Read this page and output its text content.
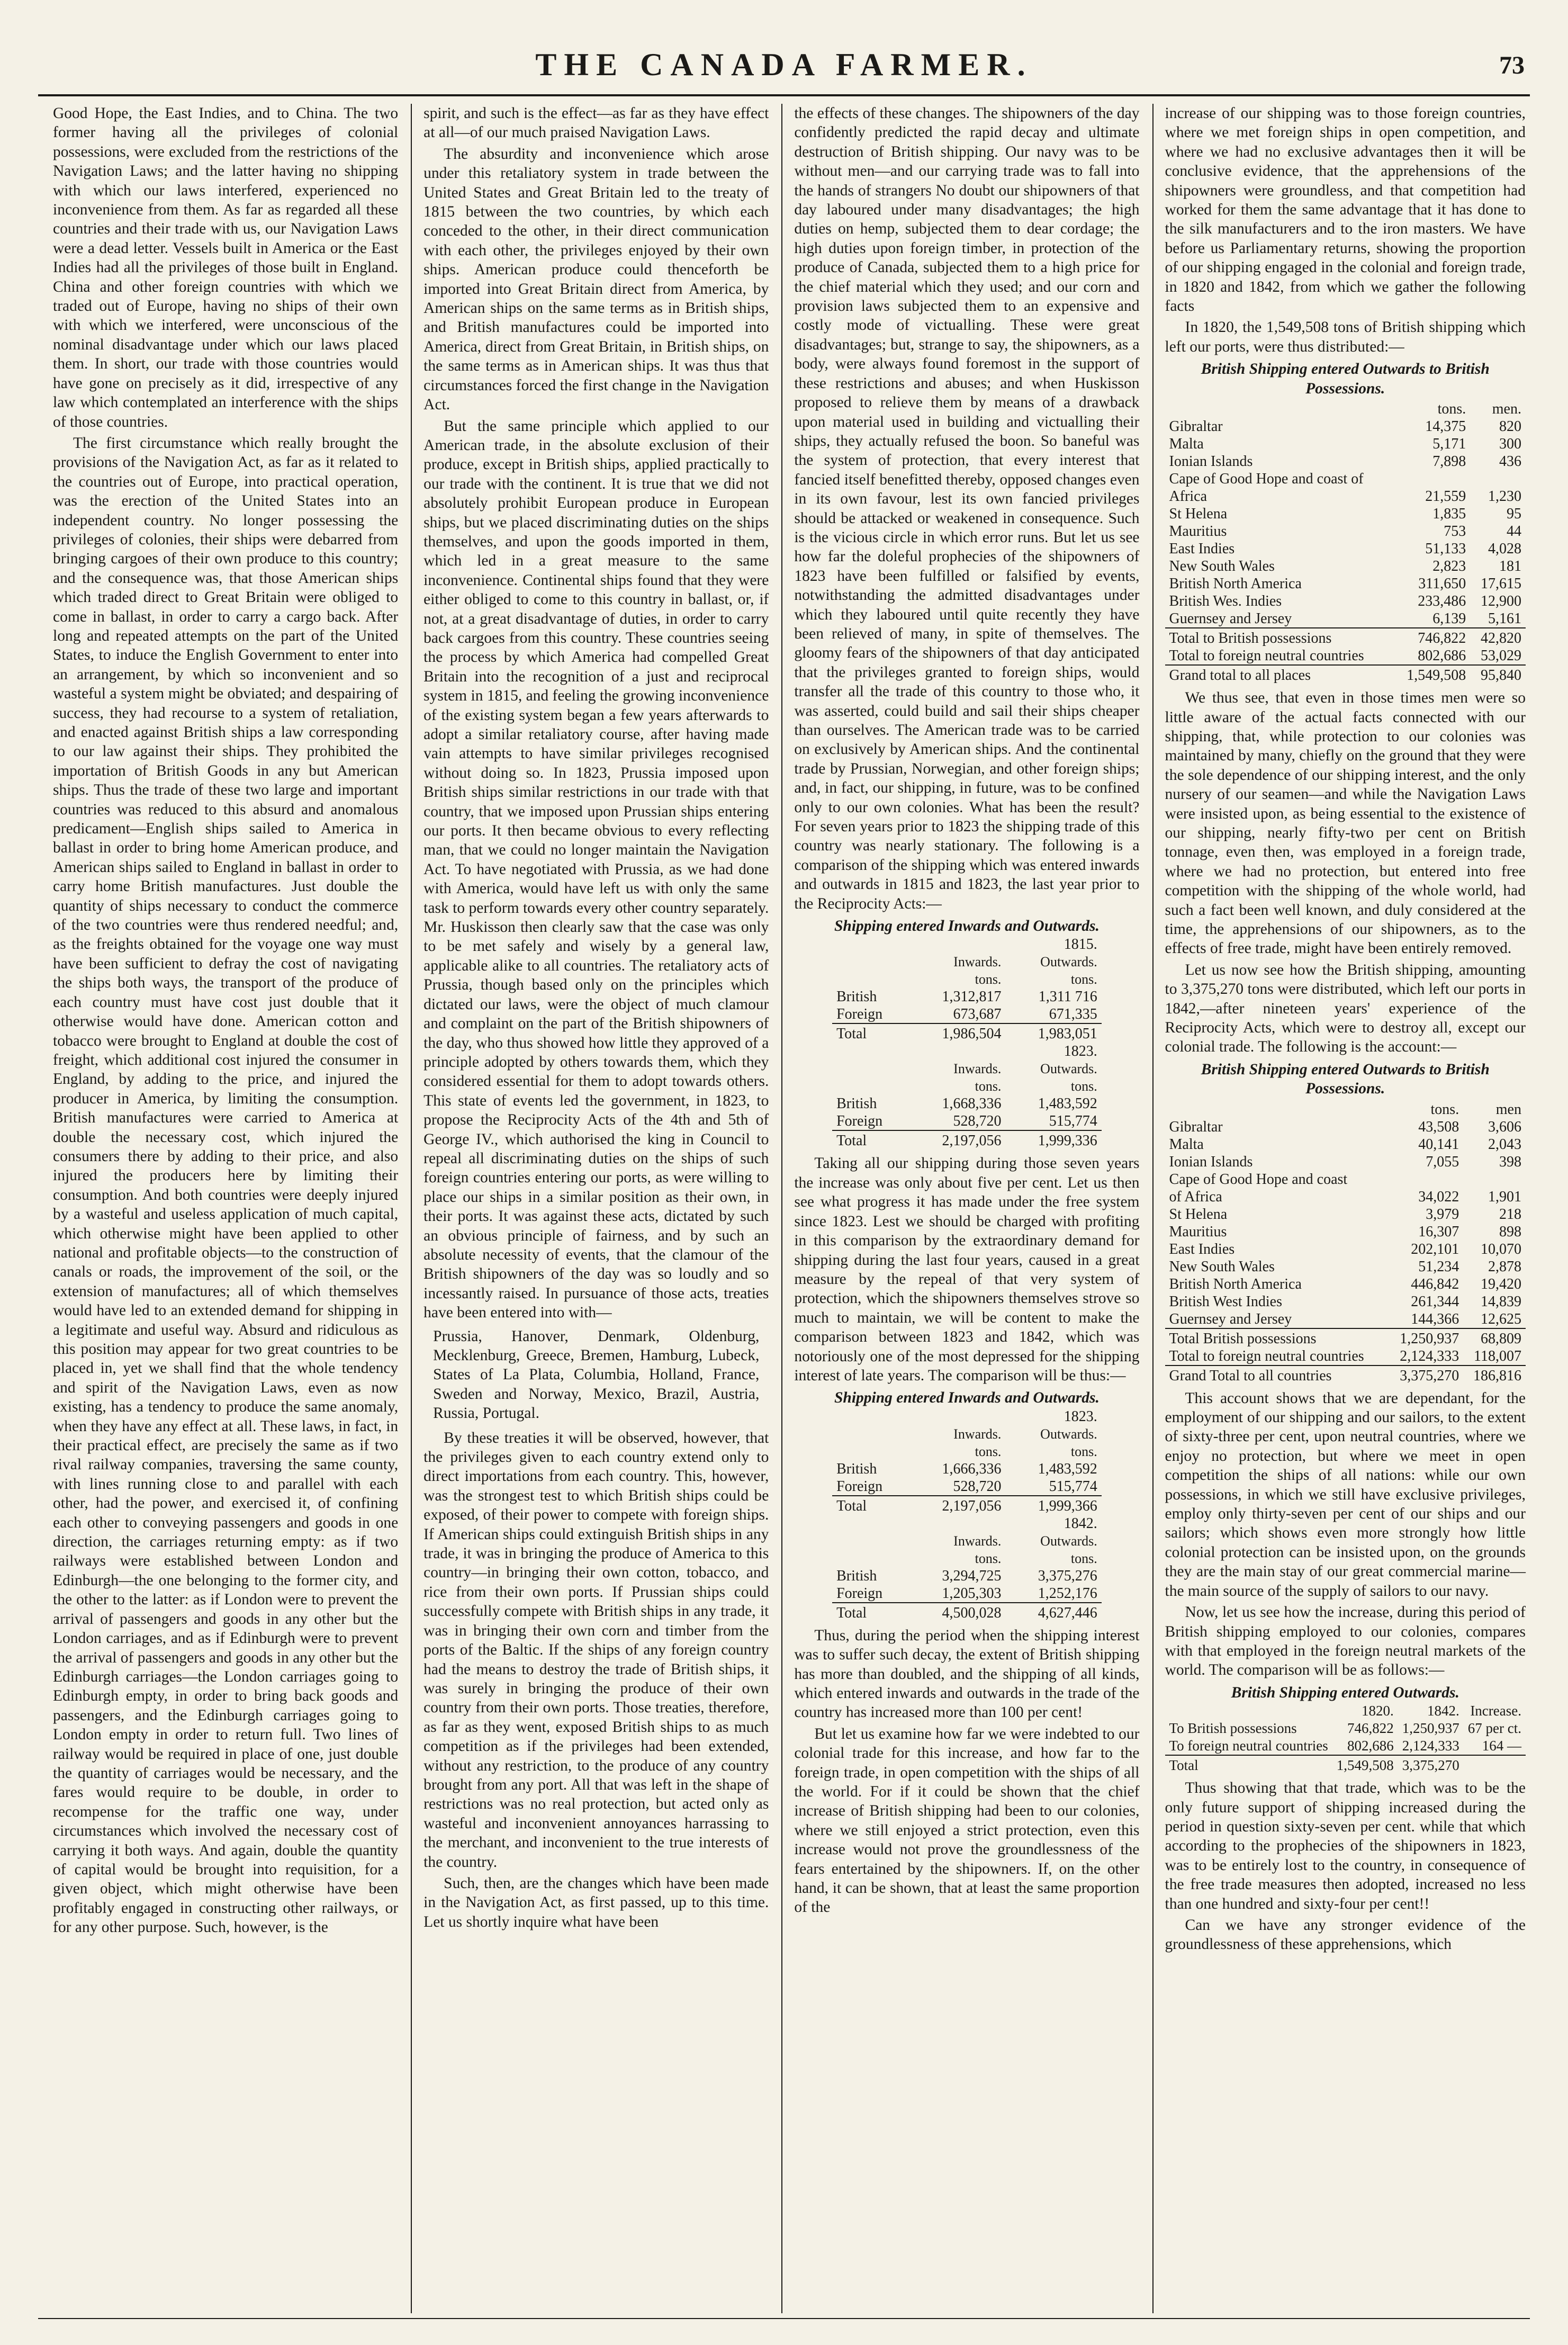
THE CANADA FARMER.	73

Good Hope, the East Indies, and to China. The two former having all the privileges of colonial possessions, were excluded from the restrictions of the Navigation Laws; and the latter having no shipping with which our laws interfered, experienced no inconvenience from them. As far as regarded all these countries and their trade with us, our Navigation Laws were a dead letter. Vessels built in America or the East Indies had all the privileges of those built in England. China and other foreign countries with which we traded out of Europe, having no ships of their own with which we interfered, were unconscious of the nominal disadvantage under which our laws placed them. In short, our trade with those countries would have gone on precisely as it did, irrespective of any law which contemplated an interference with the ships of those countries.

The first circumstance which really brought the provisions of the Navigation Act, as far as it related to the countries out of Europe, into practical operation, was the erection of the United States into an independent country. No longer possessing the privileges of colonies, their ships were debarred from bringing cargoes of their own produce to this country; and the consequence was, that those American ships which traded direct to Great Britain were obliged to come in ballast, in order to carry a cargo back. After long and repeated attempts on the part of the United States, to induce the English Government to enter into an arrangement, by which so inconvenient and so wasteful a system might be obviated; and despairing of success, they had recourse to a system of retaliation, and enacted against British ships a law corresponding to our law against their ships. They prohibited the importation of British Goods in any but American ships. Thus the trade of these two large and important countries was reduced to this absurd and anomalous predicament—English ships sailed to America in ballast in order to bring home American produce, and American ships sailed to England in ballast in order to carry home British manufactures. Just double the quantity of ships necessary to conduct the commerce of the two countries were thus rendered needful; and, as the freights obtained for the voyage one way must have been sufficient to defray the cost of navigating the ships both ways, the transport of the produce of each country must have cost just double that it otherwise would have done. American cotton and tobacco were brought to England at double the cost of freight, which additional cost injured the consumer in England, by adding to the price, and injured the producer in America, by limiting the consumption. British manufactures were carried to America at double the necessary cost, which injured the consumers there by adding to their price, and also injured the producers here by limiting their consumption. And both countries were deeply injured by a wasteful and useless application of much capital, which otherwise might have been applied to other national and profitable objects—to the construction of canals or roads, the improvement of the soil, or the extension of manufactures; all of which themselves would have led to an extended demand for shipping in a legitimate and useful way. Absurd and ridiculous as this position may appear for two great countries to be placed in, yet we shall find that the whole tendency and spirit of the Navigation Laws, even as now existing, has a tendency to produce the same anomaly, when they have any effect at all. These laws, in fact, in their practical effect, are precisely the same as if two rival railway companies, traversing the same county, with lines running close to and parallel with each other, had the power, and exercised it, of confining each other to conveying passengers and goods in one direction, the carriages returning empty: as if two railways were established between London and Edinburgh—the one belonging to the former city, and the other to the latter: as if London were to prevent the arrival of passengers and goods in any other but the London carriages, and as if Edinburgh were to prevent the arrival of passengers and goods in any other but the Edinburgh carriages—the London carriages going to Edinburgh empty, in order to bring back goods and passengers, and the Edinburgh carriages going to London empty in order to return full. Two lines of railway would be required in place of one, just double the quantity of carriages would be necessary, and the fares would require to be double, in order to recompense for the traffic one way, under circumstances which involved the necessary cost of carrying it both ways. And again, double the quantity of capital would be brought into requisition, for a given object, which might otherwise have been profitably engaged in constructing other railways, or for any other purpose. Such, however, is the

spirit, and such is the effect—as far as they have effect at all—of our much praised Navigation Laws.

The absurdity and inconvenience which arose under this retaliatory system in trade between the United States and Great Britain led to the treaty of 1815 between the two countries, by which each conceded to the other, in their direct communication with each other, the privileges enjoyed by their own ships. American produce could thenceforth be imported into Great Britain direct from America, by American ships on the same terms as in British ships, and British manufactures could be imported into America, direct from Great Britain, in British ships, on the same terms as in American ships. It was thus that circumstances forced the first change in the Navigation Act.

But the same principle which applied to our American trade, in the absolute exclusion of their produce, except in British ships, applied practically to our trade with the continent. It is true that we did not absolutely prohibit European produce in European ships, but we placed discriminating duties on the ships themselves, and upon the goods imported in them, which led in a great measure to the same inconvenience. Continental ships found that they were either obliged to come to this country in ballast, or, if not, at a great disadvantage of duties, in order to carry back cargoes from this country. These countries seeing the process by which America had compelled Great Britain into the recognition of a just and reciprocal system in 1815, and feeling the growing inconvenience of the existing system began a few years afterwards to adopt a similar retaliatory course, after having made vain attempts to have similar privileges recognised without doing so. In 1823, Prussia imposed upon British ships similar restrictions in our trade with that country, that we imposed upon Prussian ships entering our ports. It then became obvious to every reflecting man, that we could no longer maintain the Navigation Act. To have negotiated with Prussia, as we had done with America, would have left us with only the same task to perform towards every other country separately. Mr. Huskisson then clearly saw that the case was only to be met safely and wisely by a general law, applicable alike to all countries. The retaliatory acts of Prussia, though based only on the principles which dictated our laws, were the object of much clamour and complaint on the part of the British shipowners of the day, who thus showed how little they approved of a principle adopted by others towards them, which they considered essential for them to adopt towards others. This state of events led the government, in 1823, to propose the Reciprocity Acts of the 4th and 5th of George IV., which authorised the king in Council to repeal all discriminating duties on the ships of such foreign countries entering our ports, as were willing to place our ships in a similar position as their own, in their ports. It was against these acts, dictated by such an obvious principle of fairness, and by such an absolute necessity of events, that the clamour of the British shipowners of the day was so loudly and so incessantly raised. In pursuance of those acts, treaties have been entered into with—

Prussia, Hanover, Denmark, Oldenburg, Mecklenburg, Greece, Bremen, Hamburg, Lubeck, States of La Plata, Columbia, Holland, France, Sweden and Norway, Mexico, Brazil, Austria, Russia, Portugal.

By these treaties it will be observed, however, that the privileges given to each country extend only to direct importations from each country. This, however, was the strongest test to which British ships could be exposed, of their power to compete with foreign ships. If American ships could extinguish British ships in any trade, it was in bringing the produce of America to this country—in bringing their own cotton, tobacco, and rice from their own ports. If Prussian ships could successfully compete with British ships in any trade, it was in bringing their own corn and timber from the ports of the Baltic. If the ships of any foreign country had the means to destroy the trade of British ships, it was surely in bringing the produce of their own country from their own ports. Those treaties, therefore, as far as they went, exposed British ships to as much competition as if the privileges had been extended, without any restriction, to the produce of any country brought from any port. All that was left in the shape of restrictions was no real protection, but acted only as wasteful and inconvenient annoyances harrassing to the merchant, and inconvenient to the true interests of the country.

Such, then, are the changes which have been made in the Navigation Act, as first passed, up to this time. Let us shortly inquire what have been

the effects of these changes. The shipowners of the day confidently predicted the rapid decay and ultimate destruction of British shipping. Our navy was to be without men—and our carrying trade was to fall into the hands of strangers No doubt our shipowners of that day laboured under many disadvantages; the high duties on hemp, subjected them to dear cordage; the high duties upon foreign timber, in protection of the produce of Canada, subjected them to a high price for the chief material which they used; and our corn and provision laws subjected them to an expensive and costly mode of victualling. These were great disadvantages; but, strange to say, the shipowners, as a body, were always found foremost in the support of these restrictions and abuses; and when Huskisson proposed to relieve them by means of a drawback upon material used in building and victualling their ships, they actually refused the boon. So baneful was the system of protection, that every interest that fancied itself benefitted thereby, opposed changes even in its own favour, lest its own fancied privileges should be attacked or weakened in consequence. Such is the vicious circle in which error runs. But let us see how far the doleful prophecies of the shipowners of 1823 have been fulfilled or falsified by events, notwithstanding the admitted disadvantages under which they laboured until quite recently they have been relieved of many, in spite of themselves. The gloomy fears of the shipowners of that day anticipated that the privileges granted to foreign ships, would transfer all the trade of this country to those who, it was asserted, could build and sail their ships cheaper than ourselves. The American trade was to be carried on exclusively by American ships. And the continental trade by Prussian, Norwegian, and other foreign ships; and, in fact, our shipping, in future, was to be confined only to our own colonies. What has been the result? For seven years prior to 1823 the shipping trade of this country was nearly stationary. The following is a comparison of the shipping which was entered inwards and outwards in 1815 and 1823, the last year prior to the Reciprocity Acts:—

Shipping entered Inwards and Outwards.
1815.		
	Inwards.	Outwards.
	tons.	tons.
British	1,312,817	1,311 716
Foreign	673,687	671,335
Total	1,986,504	1,983,051
1823.		
	Inwards.	Outwards.
	tons.	tons.
British	1,668,336	1,483,592
Foreign	528,720	515,774
Total	2,197,056	1,999,336

Taking all our shipping during those seven years the increase was only about five per cent. Let us then see what progress it has made under the free system since 1823. Lest we should be charged with profiting in this comparison by the extraordinary demand for shipping during the last four years, caused in a great measure by the repeal of that very system of protection, which the shipowners themselves strove so much to maintain, we will be content to make the comparison between 1823 and 1842, which was notoriously one of the most depressed for the shipping interest of late years. The comparison will be thus:—

Shipping entered Inwards and Outwards.
1823.		
	Inwards.	Outwards.
	tons.	tons.
British	1,666,336	1,483,592
Foreign	528,720	515,774
Total	2,197,056	1,999,366
1842.		
	Inwards.	Outwards.
	tons.	tons.
British	3,294,725	3,375,276
Foreign	1,205,303	1,252,176
Total	4,500,028	4,627,446

Thus, during the period when the shipping interest was to suffer such decay, the extent of British shipping has more than doubled, and the shipping of all kinds, which entered inwards and outwards in the trade of the country has increased more than 100 per cent!

But let us examine how far we were indebted to our colonial trade for this increase, and how far to the foreign trade, in open competition with the ships of all the world. For if it could be shown that the chief increase of British shipping had been to our colonies, where we still enjoyed a strict protection, even this increase would not prove the groundlessness of the fears entertained by the shipowners. If, on the other hand, it can be shown, that at least the same proportion of the

increase of our shipping was to those foreign countries, where we met foreign ships in open competition, and where we had no exclusive advantages then it will be conclusive evidence, that the apprehensions of the shipowners were groundless, and that competition had worked for them the same advantage that it has done to the silk manufacturers and to the iron masters. We have before us Parliamentary returns, showing the proportion of our shipping engaged in the colonial and foreign trade, in 1820 and 1842, from which we gather the following facts

In 1820, the 1,549,508 tons of British shipping which left our ports, were thus distributed:—

British Shipping entered Outwards to British
Possessions.
	tons.	men.
Gibraltar	14,375	820
Malta	5,171	300
Ionian Islands	7,898	436
Cape of Good Hope and coast of		
Africa	21,559	1,230
St Helena	1,835	95
Mauritius	753	44
East Indies	51,133	4,028
New South Wales	2,823	181
British North America	311,650	17,615
British Wes. Indies	233,486	12,900
Guernsey and Jersey	6,139	5,161
Total to British possessions	746,822	42,820
Total to foreign neutral countries	802,686	53,029
Grand total to all places	1,549,508	95,840

We thus see, that even in those times men were so little aware of the actual facts connected with our shipping, that, while protection to our colonies was maintained by many, chiefly on the ground that they were the sole dependence of our shipping interest, and the only nursery of our seamen—and while the Navigation Laws were insisted upon, as being essential to the existence of our shipping, nearly fifty-two per cent on British tonnage, even then, was employed in a foreign trade, where we had no protection, but entered into free competition with the shipping of the whole world, had such a fact been well known, and duly considered at the time, the apprehensions of our shipowners, as to the effects of free trade, might have been entirely removed.

Let us now see how the British shipping, amounting to 3,375,270 tons were distributed, which left our ports in 1842,—after nineteen years' experience of the Reciprocity Acts, which were to destroy all, except our colonial trade. The following is the account:—

British Shipping entered Outwards to British
Possessions.
	tons.	men
Gibraltar	43,508	3,606
Malta	40,141	2,043
Ionian Islands	7,055	398
Cape of Good Hope and coast		
of Africa	34,022	1,901
St Helena	3,979	218
Mauritius	16,307	898
East Indies	202,101	10,070
New South Wales	51,234	2,878
British North America	446,842	19,420
British West Indies	261,344	14,839
Guernsey and Jersey	144,366	12,625
Total British possessions	1,250,937	68,809
Total to foreign neutral countries	2,124,333	118,007
Grand Total to all countries	3,375,270	186,816

This account shows that we are dependant, for the employment of our shipping and our sailors, to the extent of sixty-three per cent, upon neutral countries, where we enjoy no protection, but where we meet in open competition the ships of all nations: while our own possessions, in which we still have exclusive privileges, employ only thirty-seven per cent of our ships and our sailors; which shows even more strongly how little colonial protection can be insisted upon, on the grounds they are the main stay of our great commercial marine—the main source of the supply of sailors to our navy.

Now, let us see how the increase, during this period of British shipping employed to our colonies, compares with that employed in the foreign neutral markets of the world. The comparison will be as follows:—

British Shipping entered Outwards.
	1820.	1842.	Increase.
To British possessions	746,822	1,250,937	67 per ct.
To foreign neutral countries	802,686	2,124,333	164 —
Total	1,549,508	3,375,270	

Thus showing that that trade, which was to be the only future support of shipping increased during the period in question sixty-seven per cent. while that which according to the prophecies of the shipowners in 1823, was to be entirely lost to the country, in consequence of the free trade measures then adopted, increased no less than one hundred and sixty-four per cent!!

Can we have any stronger evidence of the groundlessness of these apprehensions, which
